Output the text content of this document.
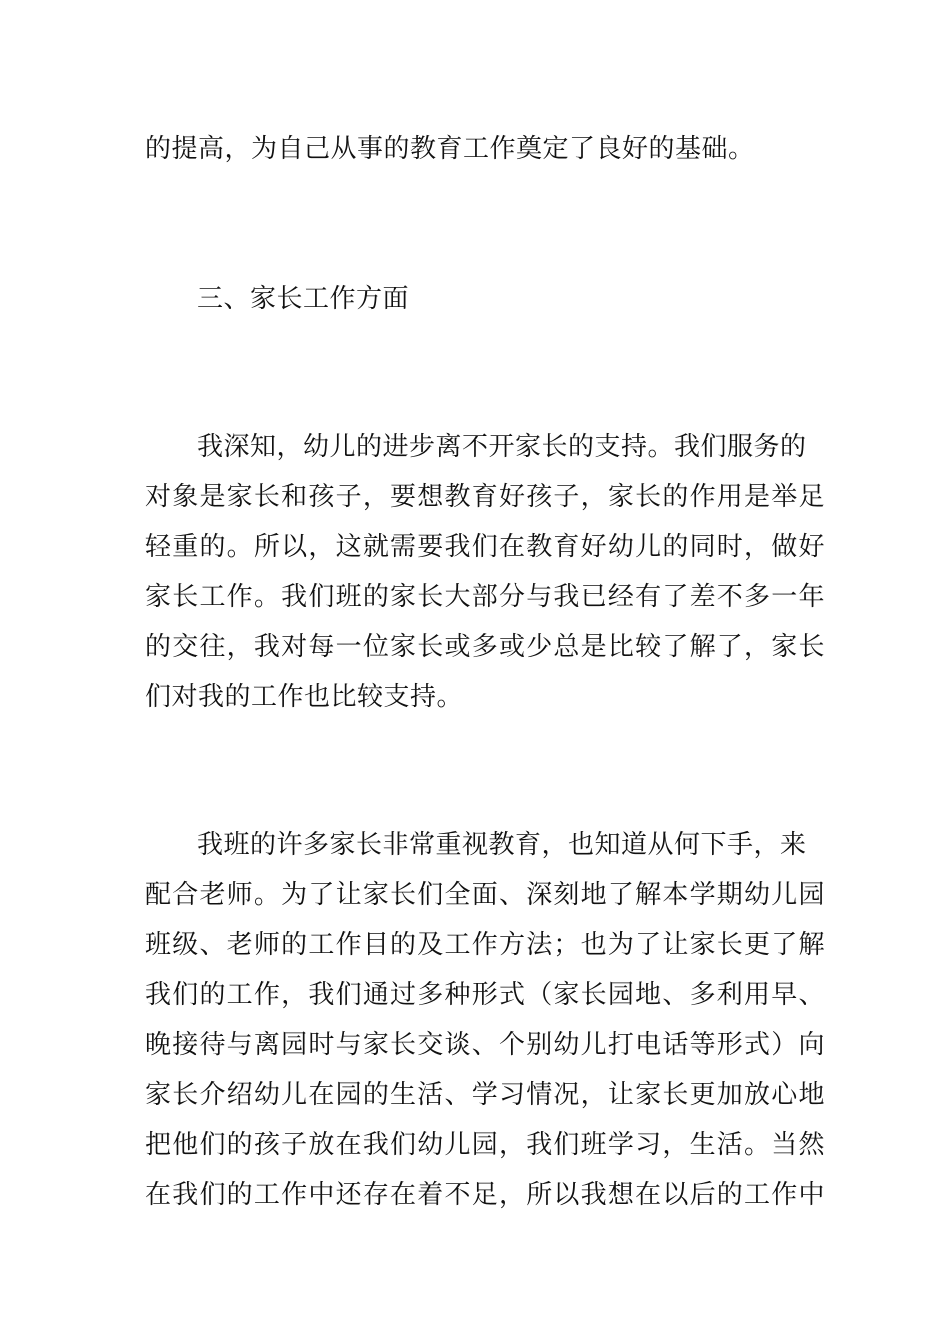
的提高，为自己从事的教育工作奠定了良好的基础。
三、家长工作方面
我深知，幼儿的进步离不开家长的支持。我们服务的
对象是家长和孩子，要想教育好孩子，家长的作用是举足
轻重的。所以，这就需要我们在教育好幼儿的同时，做好
家长工作。我们班的家长大部分与我已经有了差不多一年
的交往，我对每一位家长或多或少总是比较了解了，家长
们对我的工作也比较支持。
我班的许多家长非常重视教育，也知道从何下手，来
配合老师。为了让家长们全面、深刻地了解本学期幼儿园
班级、老师的工作目的及工作方法；也为了让家长更了解
我们的工作，我们通过多种形式（家长园地、多利用早、
晚接待与离园时与家长交谈、个别幼儿打电话等形式）向
家长介绍幼儿在园的生活、学习情况，让家长更加放心地
把他们的孩子放在我们幼儿园，我们班学习，生活。当然
在我们的工作中还存在着不足，所以我想在以后的工作中
